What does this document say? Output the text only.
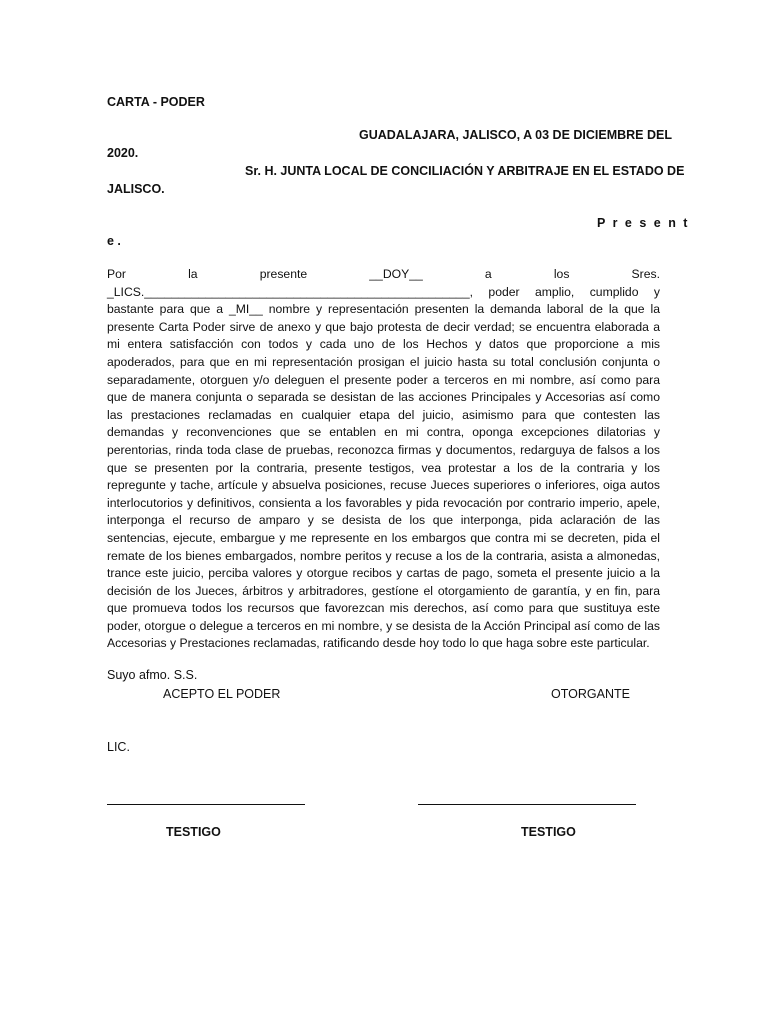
CARTA - PODER
GUADALAJARA, JALISCO, A 03 DE DICIEMBRE DEL
2020.
Sr. H. JUNTA LOCAL DE CONCILIACIÓN Y ARBITRAJE EN EL ESTADO DE
JALISCO.
P r e s e n t
e .
Por la presente __DOY__ a los Sres. _LICS.________________________________________________, poder amplio, cumplido y bastante para que a _MI__ nombre y representación presenten la demanda laboral de la que la presente Carta Poder sirve de anexo y que bajo protesta de decir verdad; se encuentra elaborada a mi entera satisfacción con todos y cada uno de los Hechos y datos que proporcione a mis apoderados, para que en mi representación prosigan el juicio hasta su total conclusión conjunta o separadamente, otorguen y/o deleguen el presente poder a terceros en mi nombre, así como para que de manera conjunta o separada se desistan de las acciones Principales y Accesorias así como las prestaciones reclamadas en cualquier etapa del juicio, asimismo para que contesten las demandas y reconvenciones que se entablen en mi contra, oponga excepciones dilatorias y perentorias, rinda toda clase de pruebas, reconozca firmas y documentos, redarguya de falsos a los que se presenten por la contraria, presente testigos, vea protestar a los de la contraria y los repregunte y tache, artícule y absuelva posiciones, recuse Jueces superiores o inferiores, oiga autos interlocutorios y definitivos, consienta a los favorables y pida revocación por contrario imperio, apele, interponga el recurso de amparo y se desista de los que interponga, pida aclaración de las sentencias, ejecute, embargue y me represente en los embargos que contra mi se decreten, pida el remate de los bienes embargados, nombre peritos y recuse a los de la contraria, asista a almonedas, trance este juicio, perciba valores y otorgue recibos y cartas de pago, someta el presente juicio a la decisión de los Jueces, árbitros y arbitradores, gestíone el otorgamiento de garantía, y en fin, para que promueva todos los recursos que favorezcan mis derechos, así como para que sustituya este poder, otorgue o delegue a terceros en mi nombre, y se desista de la Acción Principal así como de las Accesorias y Prestaciones reclamadas, ratificando desde hoy todo lo que haga sobre este particular.
Suyo afmo. S.S.
ACEPTO EL PODER	OTORGANTE
LIC.
TESTIGO	TESTIGO
